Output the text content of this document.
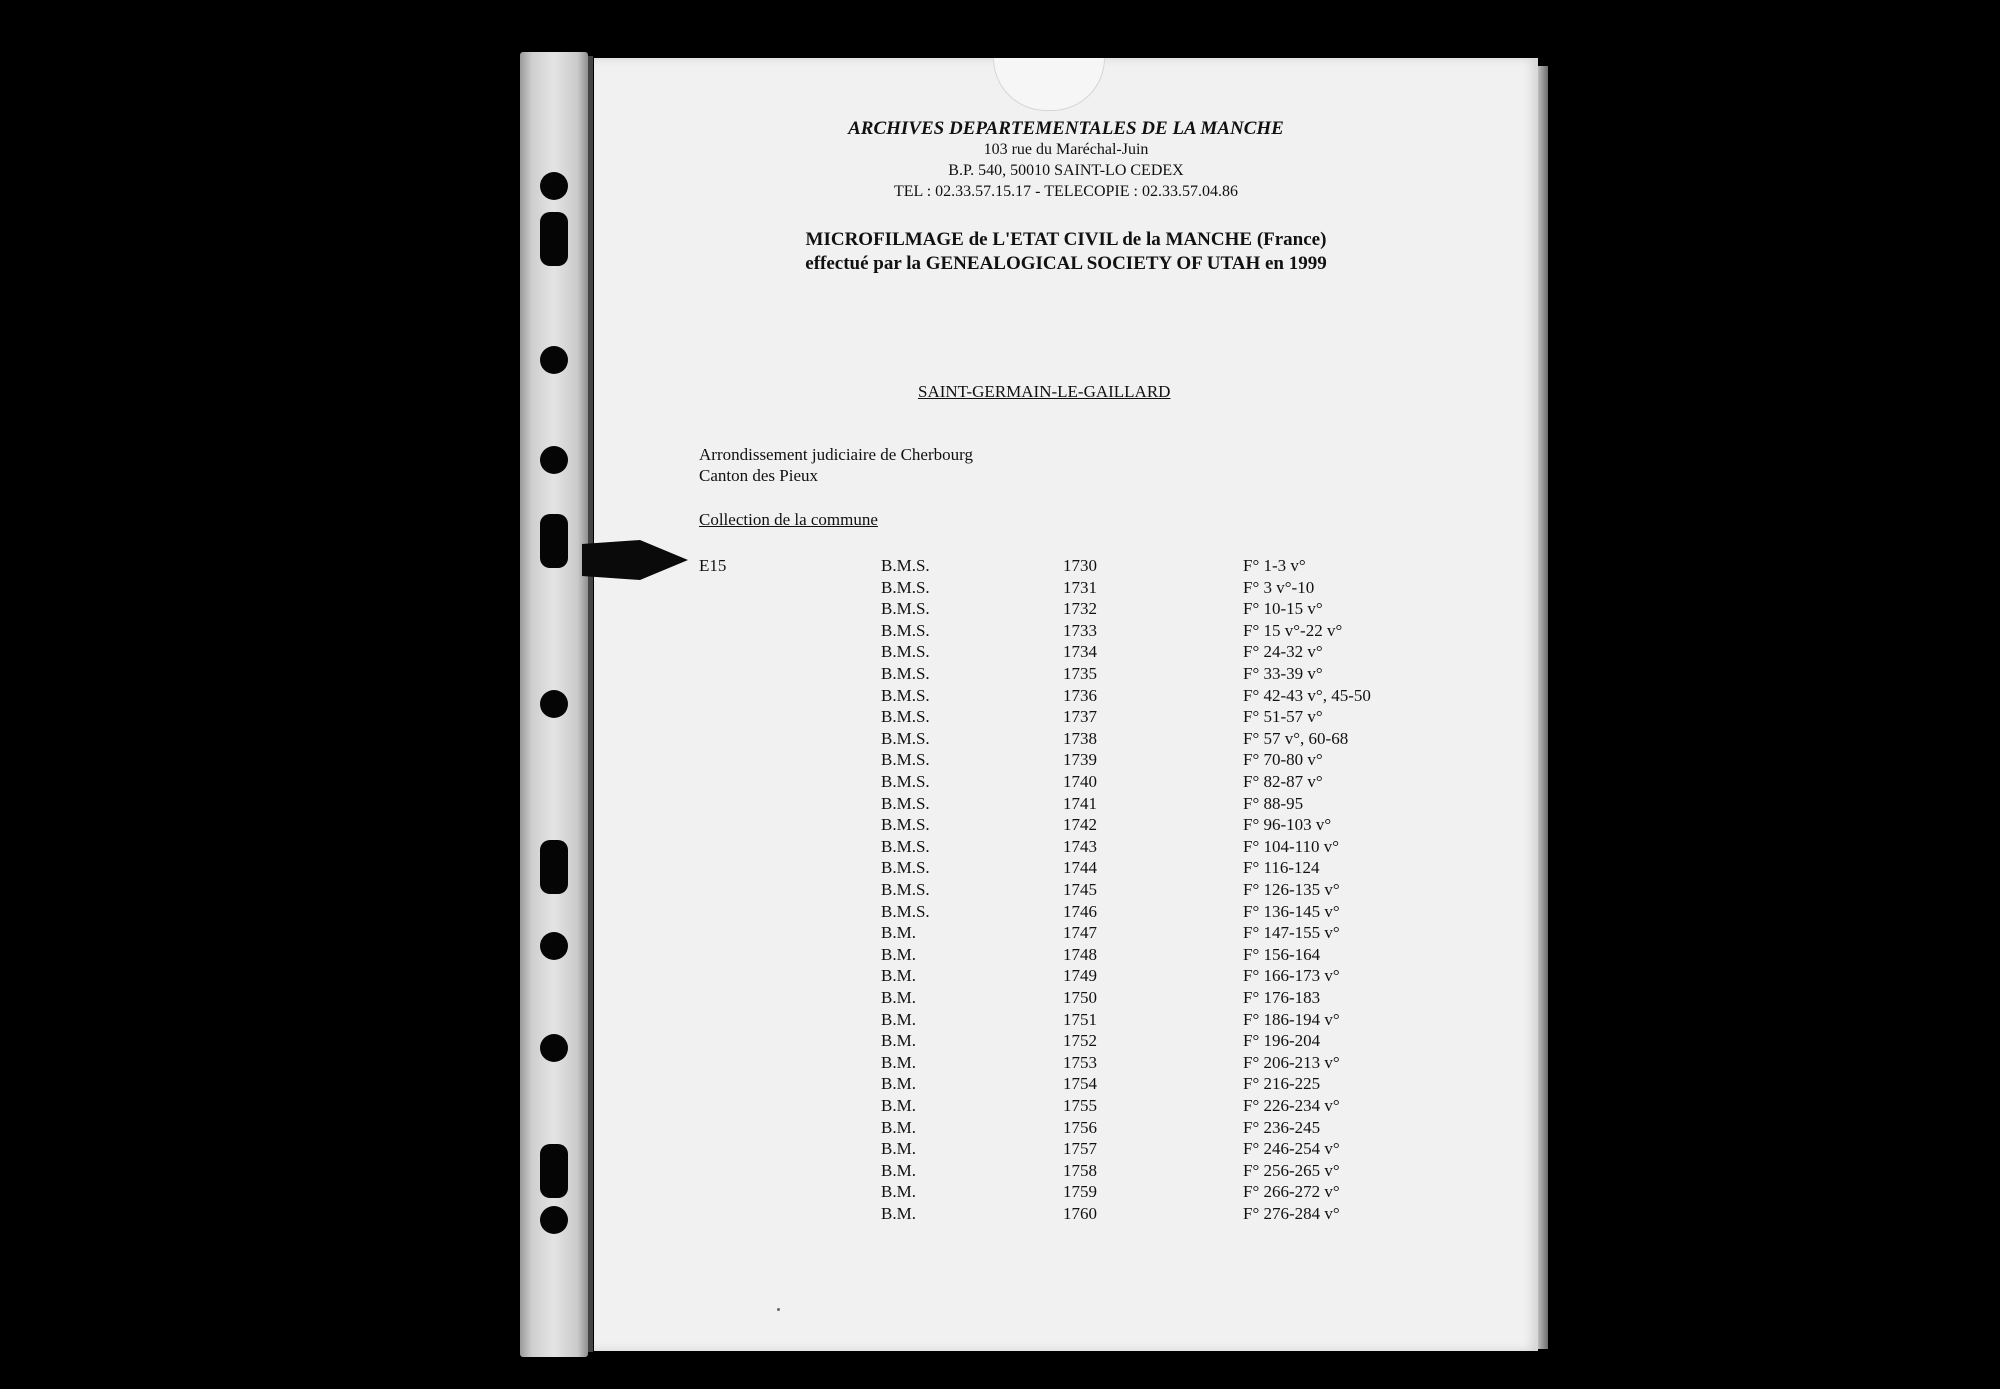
ARCHIVES DEPARTEMENTALES DE LA MANCHE
103 rue du Maréchal-Juin
B.P. 540, 50010 SAINT-LO CEDEX
TEL : 02.33.57.15.17 - TELECOPIE : 02.33.57.04.86
MICROFILMAGE de L'ETAT CIVIL de la MANCHE (France)
effectué par la GENEALOGICAL SOCIETY OF UTAH en 1999
SAINT-GERMAIN-LE-GAILLARD
Arrondissement judiciaire de Cherbourg
Canton des Pieux
Collection de la commune
E15	B.M.S.	1730	F° 1-3 v°
B.M.S.	1731	F° 3 v°-10
B.M.S.	1732	F° 10-15 v°
B.M.S.	1733	F° 15 v°-22 v°
B.M.S.	1734	F° 24-32 v°
B.M.S.	1735	F° 33-39 v°
B.M.S.	1736	F° 42-43 v°, 45-50
B.M.S.	1737	F° 51-57 v°
B.M.S.	1738	F° 57 v°, 60-68
B.M.S.	1739	F° 70-80 v°
B.M.S.	1740	F° 82-87 v°
B.M.S.	1741	F° 88-95
B.M.S.	1742	F° 96-103 v°
B.M.S.	1743	F° 104-110 v°
B.M.S.	1744	F° 116-124
B.M.S.	1745	F° 126-135 v°
B.M.S.	1746	F° 136-145 v°
B.M.	1747	F° 147-155 v°
B.M.	1748	F° 156-164
B.M.	1749	F° 166-173 v°
B.M.	1750	F° 176-183
B.M.	1751	F° 186-194 v°
B.M.	1752	F° 196-204
B.M.	1753	F° 206-213 v°
B.M.	1754	F° 216-225
B.M.	1755	F° 226-234 v°
B.M.	1756	F° 236-245
B.M.	1757	F° 246-254 v°
B.M.	1758	F° 256-265 v°
B.M.	1759	F° 266-272 v°
B.M.	1760	F° 276-284 v°
